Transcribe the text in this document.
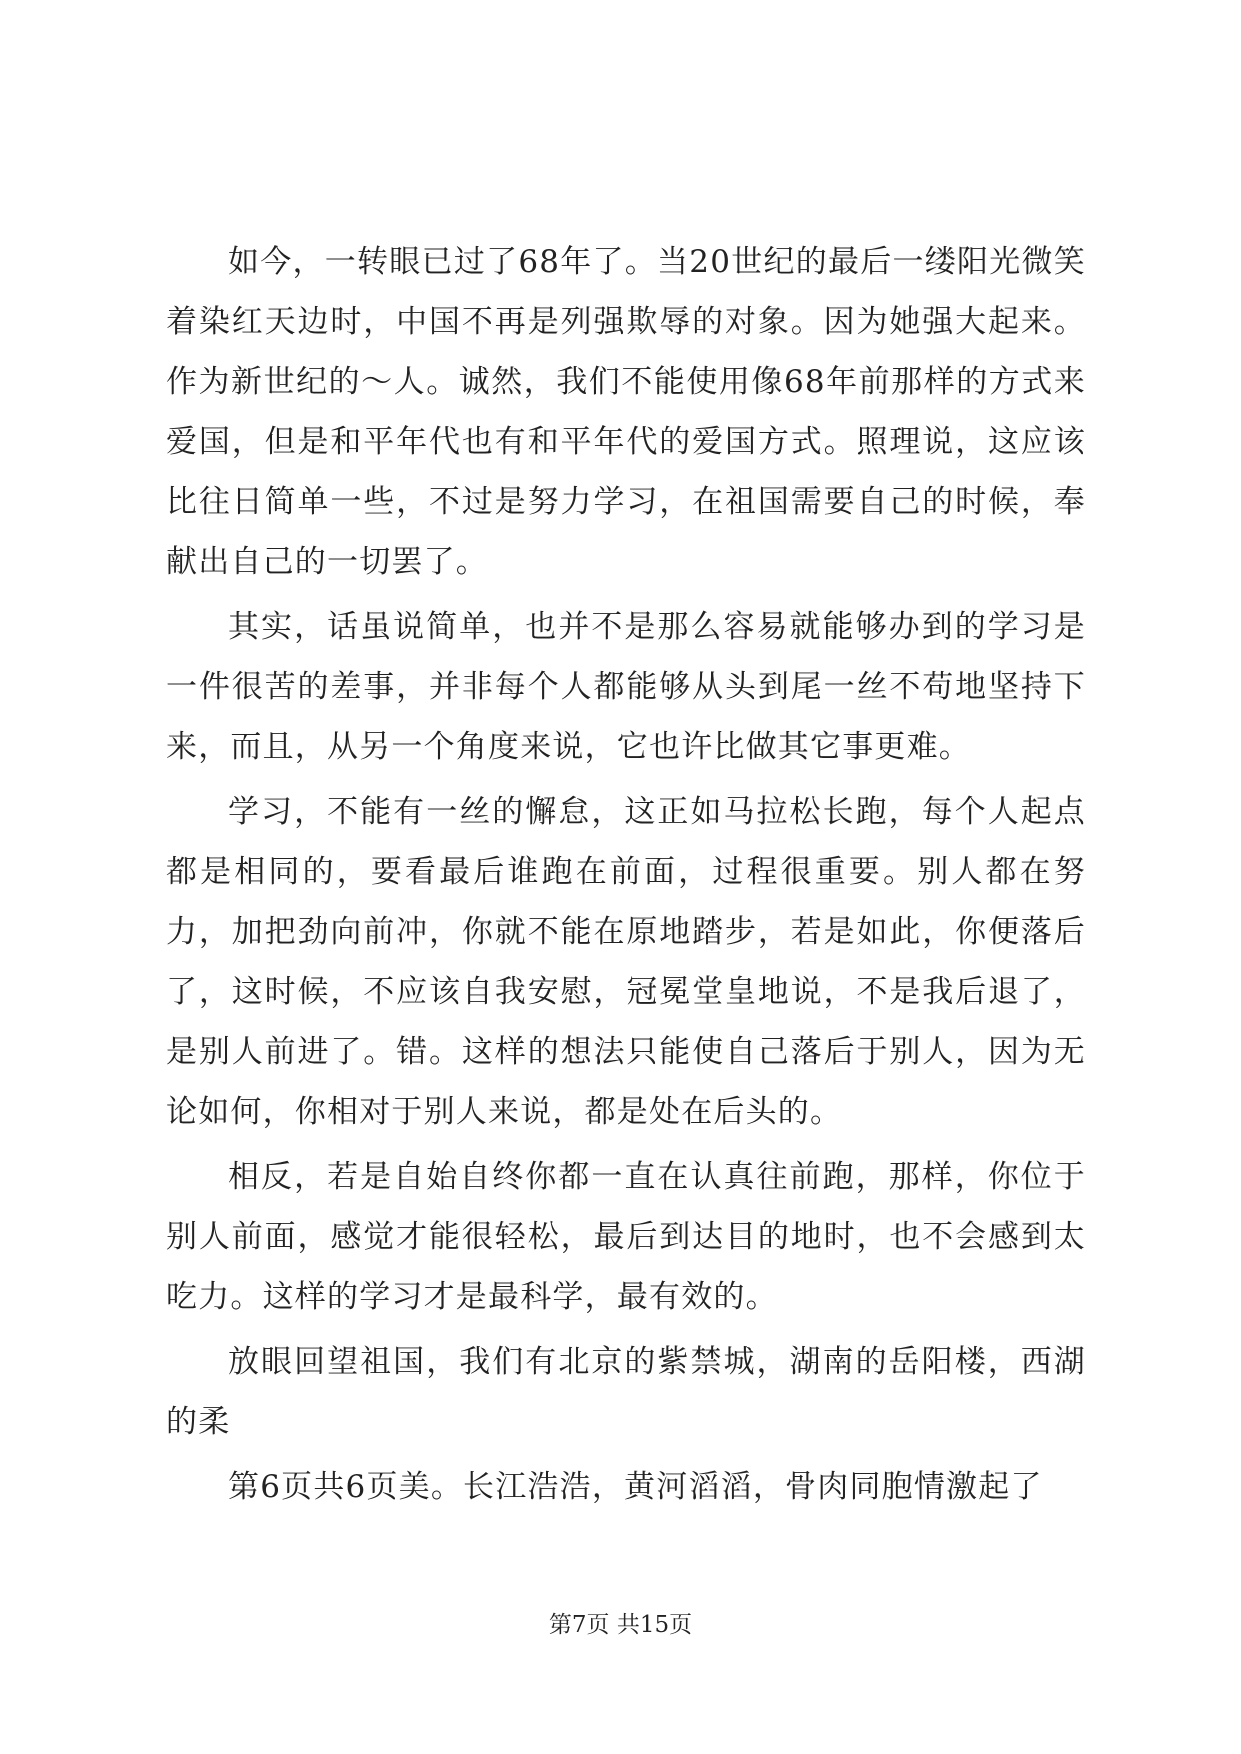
如今，一转眼已过了68年了。当20世纪的最后一缕阳光微笑着染红天边时，中国不再是列强欺辱的对象。因为她强大起来。作为新世纪的～人。诚然，我们不能使用像68年前那样的方式来爱国，但是和平年代也有和平年代的爱国方式。照理说，这应该比往日简单一些，不过是努力学习，在祖国需要自己的时候，奉献出自己的一切罢了。

其实，话虽说简单，也并不是那么容易就能够办到的学习是一件很苦的差事，并非每个人都能够从头到尾一丝不苟地坚持下来，而且，从另一个角度来说，它也许比做其它事更难。

学习，不能有一丝的懈怠，这正如马拉松长跑，每个人起点都是相同的，要看最后谁跑在前面，过程很重要。别人都在努力，加把劲向前冲，你就不能在原地踏步，若是如此，你便落后了，这时候，不应该自我安慰，冠冕堂皇地说，不是我后退了，是别人前进了。错。这样的想法只能使自己落后于别人，因为无论如何，你相对于别人来说，都是处在后头的。

相反，若是自始自终你都一直在认真往前跑，那样，你位于别人前面，感觉才能很轻松，最后到达目的地时，也不会感到太吃力。这样的学习才是最科学，最有效的。

放眼回望祖国，我们有北京的紫禁城，湖南的岳阳楼，西湖的柔

第6页共6页美。长江浩浩，黄河滔滔，骨肉同胞情激起了

第7页 共15页
